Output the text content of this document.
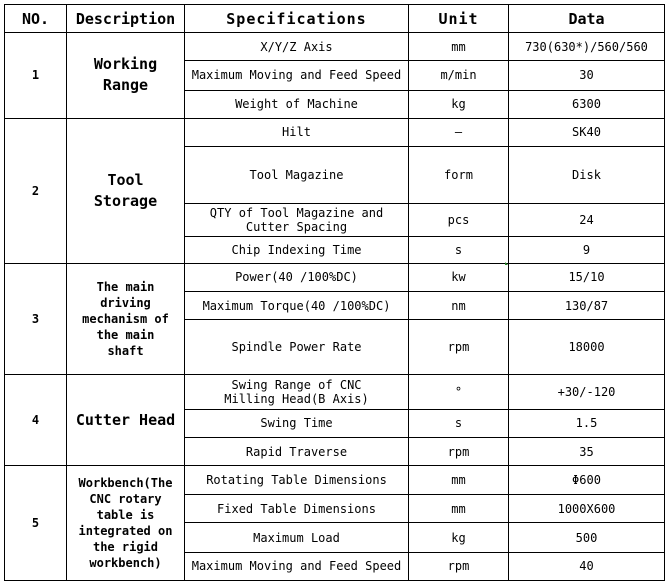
NO.	Description	Specifications	Unit	Data
1	Working Range	X/Y/Z Axis	mm	730(630*)/560/560
		Maximum Moving and Feed Speed	m/min	30
		Weight of Machine	kg	6300
2	Tool Storage	Hilt	—	SK40
		Tool Magazine	form	Disk
		QTY of Tool Magazine and Cutter Spacing	pcs	24
		Chip Indexing Time	s	9
3	The main driving mechanism of the main shaft	Power(40 /100%DC)	kw	15/10
		Maximum Torque(40 /100%DC)	nm	130/87
		Spindle Power Rate	rpm	18000
4	Cutter Head	Swing Range of CNC Milling Head(B Axis)	°	+30/-120
		Swing Time	s	1.5
		Rapid Traverse	rpm	35
5	Workbench(The CNC rotary table is integrated on the rigid workbench)	Rotating Table Dimensions	mm	Φ600
		Fixed Table Dimensions	mm	1000X600
		Maximum Load	kg	500
		Maximum Moving and Feed Speed	rpm	40
